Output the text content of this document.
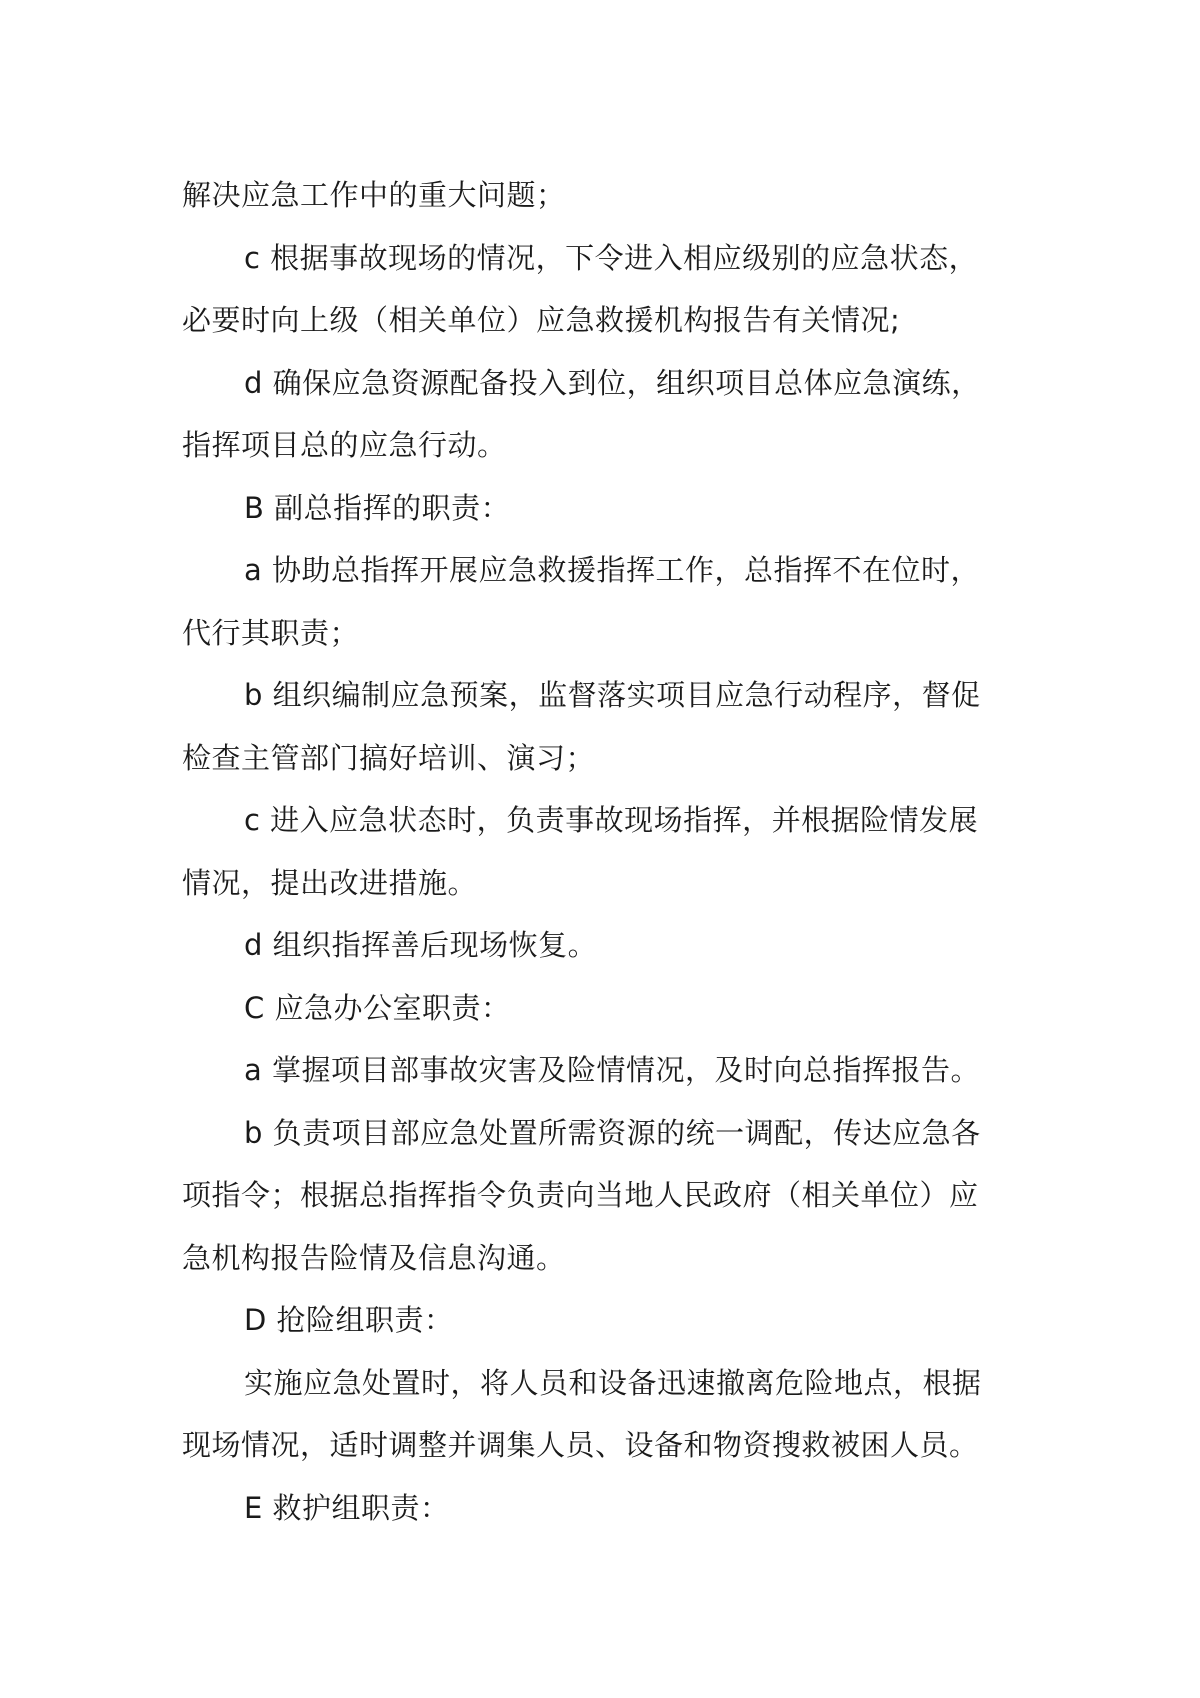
解决应急工作中的重大问题；
c 根据事故现场的情况，下令进入相应级别的应急状态，
必要时向上级（相关单位）应急救援机构报告有关情况;
d 确保应急资源配备投入到位，组织项目总体应急演练，
指挥项目总的应急行动。
B 副总指挥的职责：
a 协助总指挥开展应急救援指挥工作，总指挥不在位时，
代行其职责；
b 组织编制应急预案，监督落实项目应急行动程序，督促
检查主管部门搞好培训、演习；
c 进入应急状态时，负责事故现场指挥，并根据险情发展
情况，提出改进措施。
d 组织指挥善后现场恢复。
C 应急办公室职责：
a 掌握项目部事故灾害及险情情况，及时向总指挥报告。
b 负责项目部应急处置所需资源的统一调配，传达应急各
项指令；根据总指挥指令负责向当地人民政府（相关单位）应
急机构报告险情及信息沟通。
D 抢险组职责：
实施应急处置时，将人员和设备迅速撤离危险地点，根据
现场情况，适时调整并调集人员、设备和物资搜救被困人员。
E 救护组职责：
